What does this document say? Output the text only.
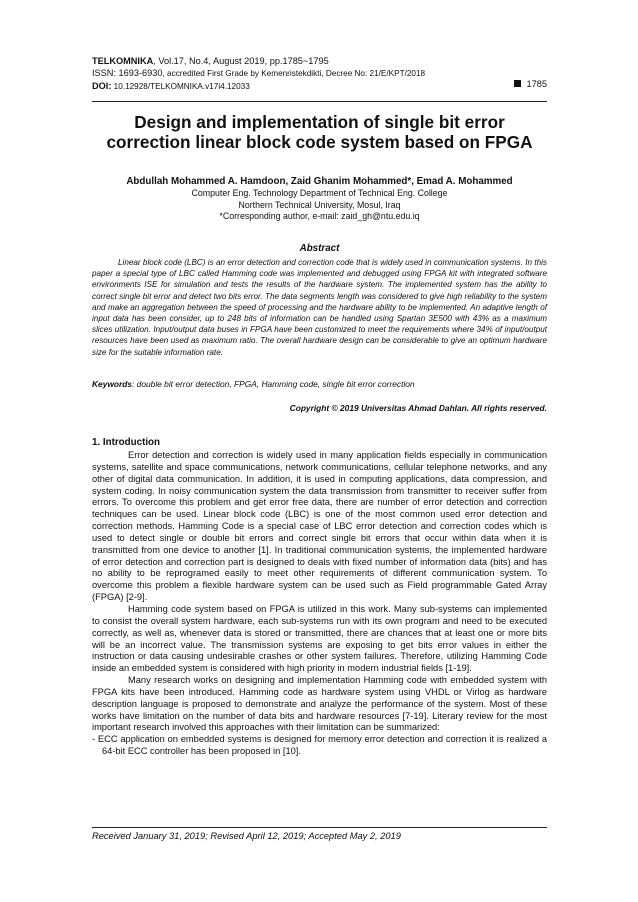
TELKOMNIKA, Vol.17, No.4, August 2019, pp.1785~1795
ISSN: 1693-6930, accredited First Grade by Kemenristekdikti, Decree No: 21/E/KPT/2018
DOI: 10.12928/TELKOMNIKA.v17i4.12033	1785
Design and implementation of single bit error
correction linear block code system based on FPGA
Abdullah Mohammed A. Hamdoon, Zaid Ghanim Mohammed*, Emad A. Mohammed
Computer Eng. Technology Department of Technical Eng. College
Northern Technical University, Mosul, Iraq
*Corresponding author, e-mail: zaid_gh@ntu.edu.iq
Abstract
Linear block code (LBC) is an error detection and correction code that is widely used in communication systems. In this paper a special type of LBC called Hamming code was implemented and debugged using FPGA kit with integrated software environments ISE for simulation and tests the results of the hardware system. The implemented system has the ability to correct single bit error and detect two bits error. The data segments length was considered to give high reliability to the system and make an aggregation between the speed of processing and the hardware ability to be implemented. An adaptive length of input data has been consider, up to 248 bits of information can be handled using Spartan 3E500 with 43% as a maximum slices utilization. Input/output data buses in FPGA have been customized to meet the requirements where 34% of input/output resources have been used as maximum ratio. The overall hardware design can be considerable to give an optimum hardware size for the suitable information rate.
Keywords: double bit error detection, FPGA, Hamming code, single bit error correction
Copyright © 2019 Universitas Ahmad Dahlan. All rights reserved.
1. Introduction

Error detection and correction is widely used in many application fields especially in communication systems, satellite and space communications, network communications, cellular telephone networks, and any other of digital data communication. In addition, it is used in computing applications, data compression, and system coding. In noisy communication system the data transmission from transmitter to receiver suffer from errors. To overcome this problem and get error free data, there are number of error detection and correction techniques can be used. Linear block code (LBC) is one of the most common used error detection and correction methods. Hamming Code is a special case of LBC error detection and correction codes which is used to detect single or double bit errors and correct single bit errors that occur within data when it is transmitted from one device to another [1]. In traditional communication systems, the implemented hardware of error detection and correction part is designed to deals with fixed number of information data (bits) and has no ability to be reprogramed easily to meet other requirements of different communication system. To overcome this problem a flexible hardware system can be used such as Field programmable Gated Array (FPGA) [2-9].

Hamming code system based on FPGA is utilized in this work. Many sub-systems can implemented to consist the overall system hardware, each sub-systems run with its own program and need to be executed correctly, as well as, whenever data is stored or transmitted, there are chances that at least one or more bits will be an incorrect value. The transmission systems are exposing to get bits error values in either the instruction or data causing undesirable crashes or other system failures. Therefore, utilizing Hamming Code inside an embedded system is considered with high priority in modern industrial fields [1-19].

Many research works on designing and implementation Hamming code with embedded system with FPGA kits have been introduced. Hamming code as hardware system using VHDL or Virlog as hardware description language is proposed to demonstrate and analyze the performance of the system. Most of these works have limitation on the number of data bits and hardware resources [7-19]. Literary review for the most important research involved this approaches with their limitation can be summarized:

- ECC application on embedded systems is designed for memory error detection and correction it is realized a 64-bit ECC controller has been proposed in [10].
Received January 31, 2019; Revised April 12, 2019; Accepted May 2, 2019
